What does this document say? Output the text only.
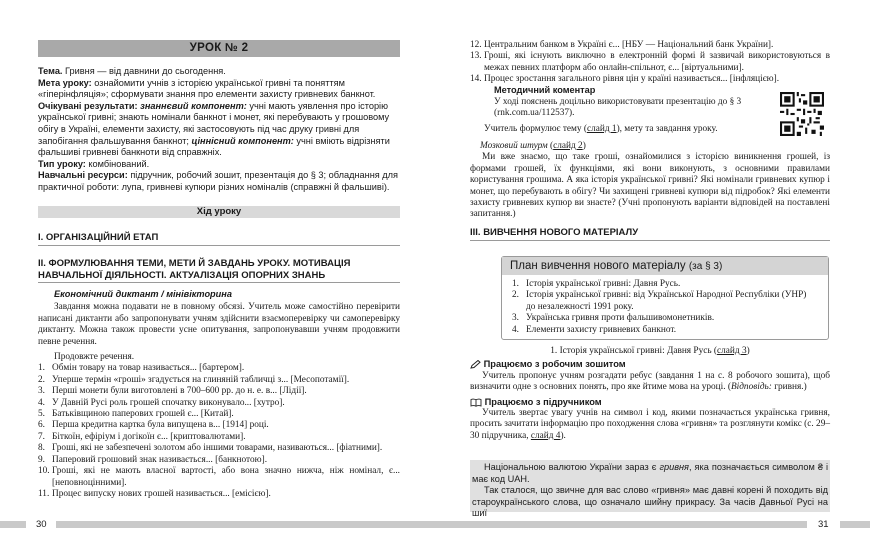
УРОК № 2

Тема. Гривня — від давнини до сьогодення.

Мета уроку: ознайомити учнів з історією української гривні та поняттям «гіперінфляція»; сформувати знання про елементи захисту гривневих банкнот.

Очікувані результати: знаннєвий компонент: учні мають уявлення про історію української гривні; знають номінали банкнот і монет, які перебувають у грошовому обігу в Україні, елементи захисту, які застосовують під час друку гривні для запобігання фальшування банкнот; ціннісний компонент: учні вміють відрізняти фальшиві гривневі банкноти від справжніх.

Тип уроку: комбінований.

Навчальні ресурси: підручник, робочий зошит, презентація до § 3; обладнання для практичної роботи: лупа, гривневі купюри різних номіналів (справжні й фальшиві).

Хід уроку
І. ОРГАНІЗАЦІЙНИЙ ЕТАП
ІІ. ФОРМУЛЮВАННЯ ТЕМИ, МЕТИ Й ЗАВДАНЬ УРОКУ. МОТИВАЦІЯ НАВЧАЛЬНОЇ ДІЯЛЬНОСТІ. АКТУАЛІЗАЦІЯ ОПОРНИХ ЗНАНЬ

Економічний диктант / мінівікторина

Завдання можна подавати не в повному обсязі. Учитель може самостійно перевірити написані диктанти або запропонувати учням здійснити взаємоперевірку чи самоперевірку диктанту. Можна також провести усне опитування, запропонувавши учням продовжити певне речення.

Продовжте речення.

1. Обмін товару на товар називається... [бартером].
2. Уперше термін «гроші» згадується на глиняній табличці з... [Месопотамії].
3. Перші монети були виготовлені в 700–600 рр. до н. е. в... [Лідії].
4. У Давній Русі роль грошей спочатку виконувало... [хутро].
5. Батьківщиною паперових грошей є... [Китай].
6. Перша кредитна картка була випущена в... [1914] році.
7. Біткоїн, ефіріум і догікоїн є... [криптовалютами].
8. Гроші, які не забезпечені золотом або іншими товарами, називаються... [фіатними].
9. Паперовий грошовий знак називається... [банкнотою].
10. Гроші, які не мають власної вартості, або вона значно нижча, ніж номінал, є... [неповноцінними].
11. Процес випуску нових грошей називається... [емісією].
30
12. Центральним банком в Україні є... [НБУ — Національний банк України].
13. Гроші, які існують виключно в електронній формі й зазвичай використовуються в межах певних платформ або онлайн-спільнот, є... [віртуальними].
14. Процес зростання загального рівня цін у країні називається... [інфляцією].
Методичний коментар
У ході пояснень доцільно використовувати презентацію до § 3 (rnk.com.ua/112537).
Учитель формулює тему (слайд 1), мету та завдання уроку.

Мозковий штурм (слайд 2)

Ми вже знаємо, що таке гроші, ознайомилися з історією виникнення грошей, із формами грошей, їх функціями, які вони виконують, з основними правилами користування грошима. А яка історія української гривні? Які номінали гривневих купюр і монет, що перебувають в обігу? Чи захищені гривневі купюри від підробок? Які елементи захисту гривневих купюр ви знаєте? (Учні пропонують варіанти відповідей на поставлені запитання.)

ІІІ. ВИВЧЕННЯ НОВОГО МАТЕРІАЛУ
План вивчення нового матеріалу (за § 3)
1. Історія української гривні: Давня Русь.
2. Історія української гривні: від Української Народної Республіки (УНР) до незалежності 1991 року.
3. Українська гривня проти фальшивомонетників.
4. Елементи захисту гривневих банкнот.

1. Історія української гривні: Давня Русь (слайд 3)

Працюємо з робочим зошитом

Учитель пропонує учням розгадати ребус (завдання 1 на с. 8 робочого зошита), щоб визначити одне з основних понять, про яке йтиме мова на уроці. (Відповідь: гривня.)

Працюємо з підручником

Учитель звертає увагу учнів на символ і код, якими позначається українська гривня, просить зачитати інформацію про походження слова «гривня» та розглянути комікс (с. 29–30 підручника, слайд 4).

Національною валютою України зараз є гривня, яка позначається символом ₴ і має код UAH.

Так сталося, що звичне для вас слово «гривня» має давні корені й походить від староукраїнського слова, що означало шийну прикрасу. За часів Давньої Русі на шиї

31
